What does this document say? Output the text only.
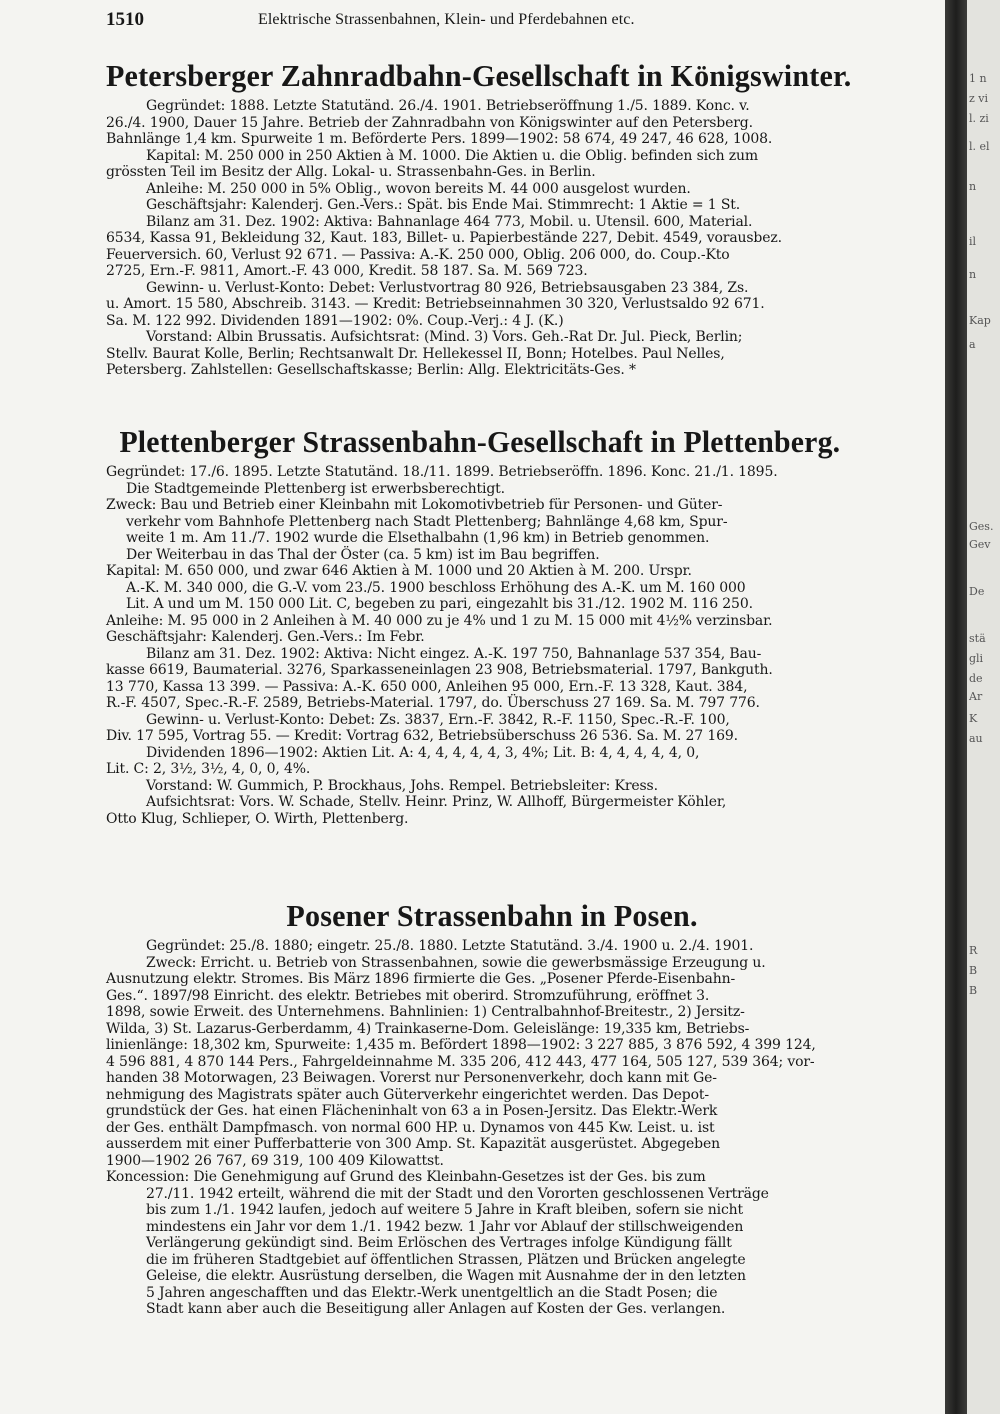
1510	Elektrische Strassenbahnen, Klein- und Pferdebahnen etc.
Petersberger Zahnradbahn-Gesellschaft in Königswinter.
Gegründet: 1888. Letzte Statutänd. 26./4. 1901. Betriebseröffnung 1./5. 1889. Konc. v.
26./4. 1900, Dauer 15 Jahre. Betrieb der Zahnradbahn von Königswinter auf den Petersberg.
Bahnlänge 1,4 km. Spurweite 1 m. Beförderte Pers. 1899—1902: 58 674, 49 247, 46 628, 1008.
Kapital: M. 250 000 in 250 Aktien à M. 1000. Die Aktien u. die Oblig. befinden sich zum
grössten Teil im Besitz der Allg. Lokal- u. Strassenbahn-Ges. in Berlin.
Anleihe: M. 250 000 in 5% Oblig., wovon bereits M. 44 000 ausgelost wurden.
Geschäftsjahr: Kalenderj. Gen.-Vers.: Spät. bis Ende Mai. Stimmrecht: 1 Aktie = 1 St.
Bilanz am 31. Dez. 1902: Aktiva: Bahnanlage 464 773, Mobil. u. Utensil. 600, Material.
6534, Kassa 91, Bekleidung 32, Kaut. 183, Billet- u. Papierbestände 227, Debit. 4549, vorausbez.
Feuerversich. 60, Verlust 92 671. — Passiva: A.-K. 250 000, Oblig. 206 000, do. Coup.-Kto
2725, Ern.-F. 9811, Amort.-F. 43 000, Kredit. 58 187. Sa. M. 569 723.
Gewinn- u. Verlust-Konto: Debet: Verlustvortrag 80 926, Betriebsausgaben 23 384, Zs.
u. Amort. 15 580, Abschreib. 3143. — Kredit: Betriebseinnahmen 30 320, Verlustsaldo 92 671.
Sa. M. 122 992. Dividenden 1891—1902: 0%. Coup.-Verj.: 4 J. (K.)
Vorstand: Albin Brussatis. Aufsichtsrat: (Mind. 3) Vors. Geh.-Rat Dr. Jul. Pieck, Berlin;
Stellv. Baurat Kolle, Berlin; Rechtsanwalt Dr. Hellekessel II, Bonn; Hotelbes. Paul Nelles,
Petersberg. Zahlstellen: Gesellschaftskasse; Berlin: Allg. Elektricitäts-Ges. *
Plettenberger Strassenbahn-Gesellschaft in Plettenberg.
Gegründet: 17./6. 1895. Letzte Statutänd. 18./11. 1899. Betriebseröffn. 1896. Konc. 21./1. 1895.
Die Stadtgemeinde Plettenberg ist erwerbsberechtigt.
Zweck: Bau und Betrieb einer Kleinbahn mit Lokomotivbetrieb für Personen- und Güter-
verkehr vom Bahnhofe Plettenberg nach Stadt Plettenberg; Bahnlänge 4,68 km, Spur-
weite 1 m. Am 11./7. 1902 wurde die Elsethalbahn (1,96 km) in Betrieb genommen.
Der Weiterbau in das Thal der Öster (ca. 5 km) ist im Bau begriffen.
Kapital: M. 650 000, und zwar 646 Aktien à M. 1000 und 20 Aktien à M. 200. Urspr.
A.-K. M. 340 000, die G.-V. vom 23./5. 1900 beschloss Erhöhung des A.-K. um M. 160 000
Lit. A und um M. 150 000 Lit. C, begeben zu pari, eingezahlt bis 31./12. 1902 M. 116 250.
Anleihe: M. 95 000 in 2 Anleihen à M. 40 000 zu je 4% und 1 zu M. 15 000 mit 4½% verzinsbar.
Geschäftsjahr: Kalenderj. Gen.-Vers.: Im Febr.
Bilanz am 31. Dez. 1902: Aktiva: Nicht eingez. A.-K. 197 750, Bahnanlage 537 354, Bau-
kasse 6619, Baumaterial. 3276, Sparkasseneinlagen 23 908, Betriebsmaterial. 1797, Bankguth.
13 770, Kassa 13 399. — Passiva: A.-K. 650 000, Anleihen 95 000, Ern.-F. 13 328, Kaut. 384,
R.-F. 4507, Spec.-R.-F. 2589, Betriebs-Material. 1797, do. Überschuss 27 169. Sa. M. 797 776.
Gewinn- u. Verlust-Konto: Debet: Zs. 3837, Ern.-F. 3842, R.-F. 1150, Spec.-R.-F. 100,
Div. 17 595, Vortrag 55. — Kredit: Vortrag 632, Betriebsüberschuss 26 536. Sa. M. 27 169.
Dividenden 1896—1902: Aktien Lit. A: 4, 4, 4, 4, 4, 3, 4%; Lit. B: 4, 4, 4, 4, 4, 0,
Lit. C: 2, 3½, 3½, 4, 0, 0, 4%.
Vorstand: W. Gummich, P. Brockhaus, Johs. Rempel. Betriebsleiter: Kress.
Aufsichtsrat: Vors. W. Schade, Stellv. Heinr. Prinz, W. Allhoff, Bürgermeister Köhler,
Otto Klug, Schlieper, O. Wirth, Plettenberg.
Posener Strassenbahn in Posen.
Gegründet: 25./8. 1880; eingetr. 25./8. 1880. Letzte Statutänd. 3./4. 1900 u. 2./4. 1901.
Zweck: Erricht. u. Betrieb von Strassenbahnen, sowie die gewerbsmässige Erzeugung u.
Ausnutzung elektr. Stromes. Bis März 1896 firmierte die Ges. „Posener Pferde-Eisenbahn-
Ges.“. 1897/98 Einricht. des elektr. Betriebes mit oberird. Stromzuführung, eröffnet 3.
1898, sowie Erweit. des Unternehmens. Bahnlinien: 1) Centralbahnhof-Breitestr., 2) Jersitz-
Wilda, 3) St. Lazarus-Gerberdamm, 4) Trainkaserne-Dom. Geleislänge: 19,335 km, Betriebs-
linienlänge: 18,302 km, Spurweite: 1,435 m. Befördert 1898—1902: 3 227 885, 3 876 592, 4 399 124,
4 596 881, 4 870 144 Pers., Fahrgeldeinnahme M. 335 206, 412 443, 477 164, 505 127, 539 364; vor-
handen 38 Motorwagen, 23 Beiwagen. Vorerst nur Personenverkehr, doch kann mit Ge-
nehmigung des Magistrats später auch Güterverkehr eingerichtet werden. Das Depot-
grundstück der Ges. hat einen Flächeninhalt von 63 a in Posen-Jersitz. Das Elektr.-Werk
der Ges. enthält Dampfmasch. von normal 600 HP. u. Dynamos von 445 Kw. Leist. u. ist
ausserdem mit einer Pufferbatterie von 300 Amp. St. Kapazität ausgerüstet. Abgegeben
1900—1902 26 767, 69 319, 100 409 Kilowattst.
Koncession: Die Genehmigung auf Grund des Kleinbahn-Gesetzes ist der Ges. bis zum
27./11. 1942 erteilt, während die mit der Stadt und den Vororten geschlossenen Verträge
bis zum 1./1. 1942 laufen, jedoch auf weitere 5 Jahre in Kraft bleiben, sofern sie nicht
mindestens ein Jahr vor dem 1./1. 1942 bezw. 1 Jahr vor Ablauf der stillschweigenden
Verlängerung gekündigt sind. Beim Erlöschen des Vertrages infolge Kündigung fällt
die im früheren Stadtgebiet auf öffentlichen Strassen, Plätzen und Brücken angelegte
Geleise, die elektr. Ausrüstung derselben, die Wagen mit Ausnahme der in den letzten
5 Jahren angeschafften und das Elektr.-Werk unentgeltlich an die Stadt Posen; die
Stadt kann aber auch die Beseitigung aller Anlagen auf Kosten der Ges. verlangen.
1 n
z vi
l. zi
l. el
n
il
n
Kap
a
Ges.
Gev
De
stä
gli
de
Ar
K
au
R
B
B
